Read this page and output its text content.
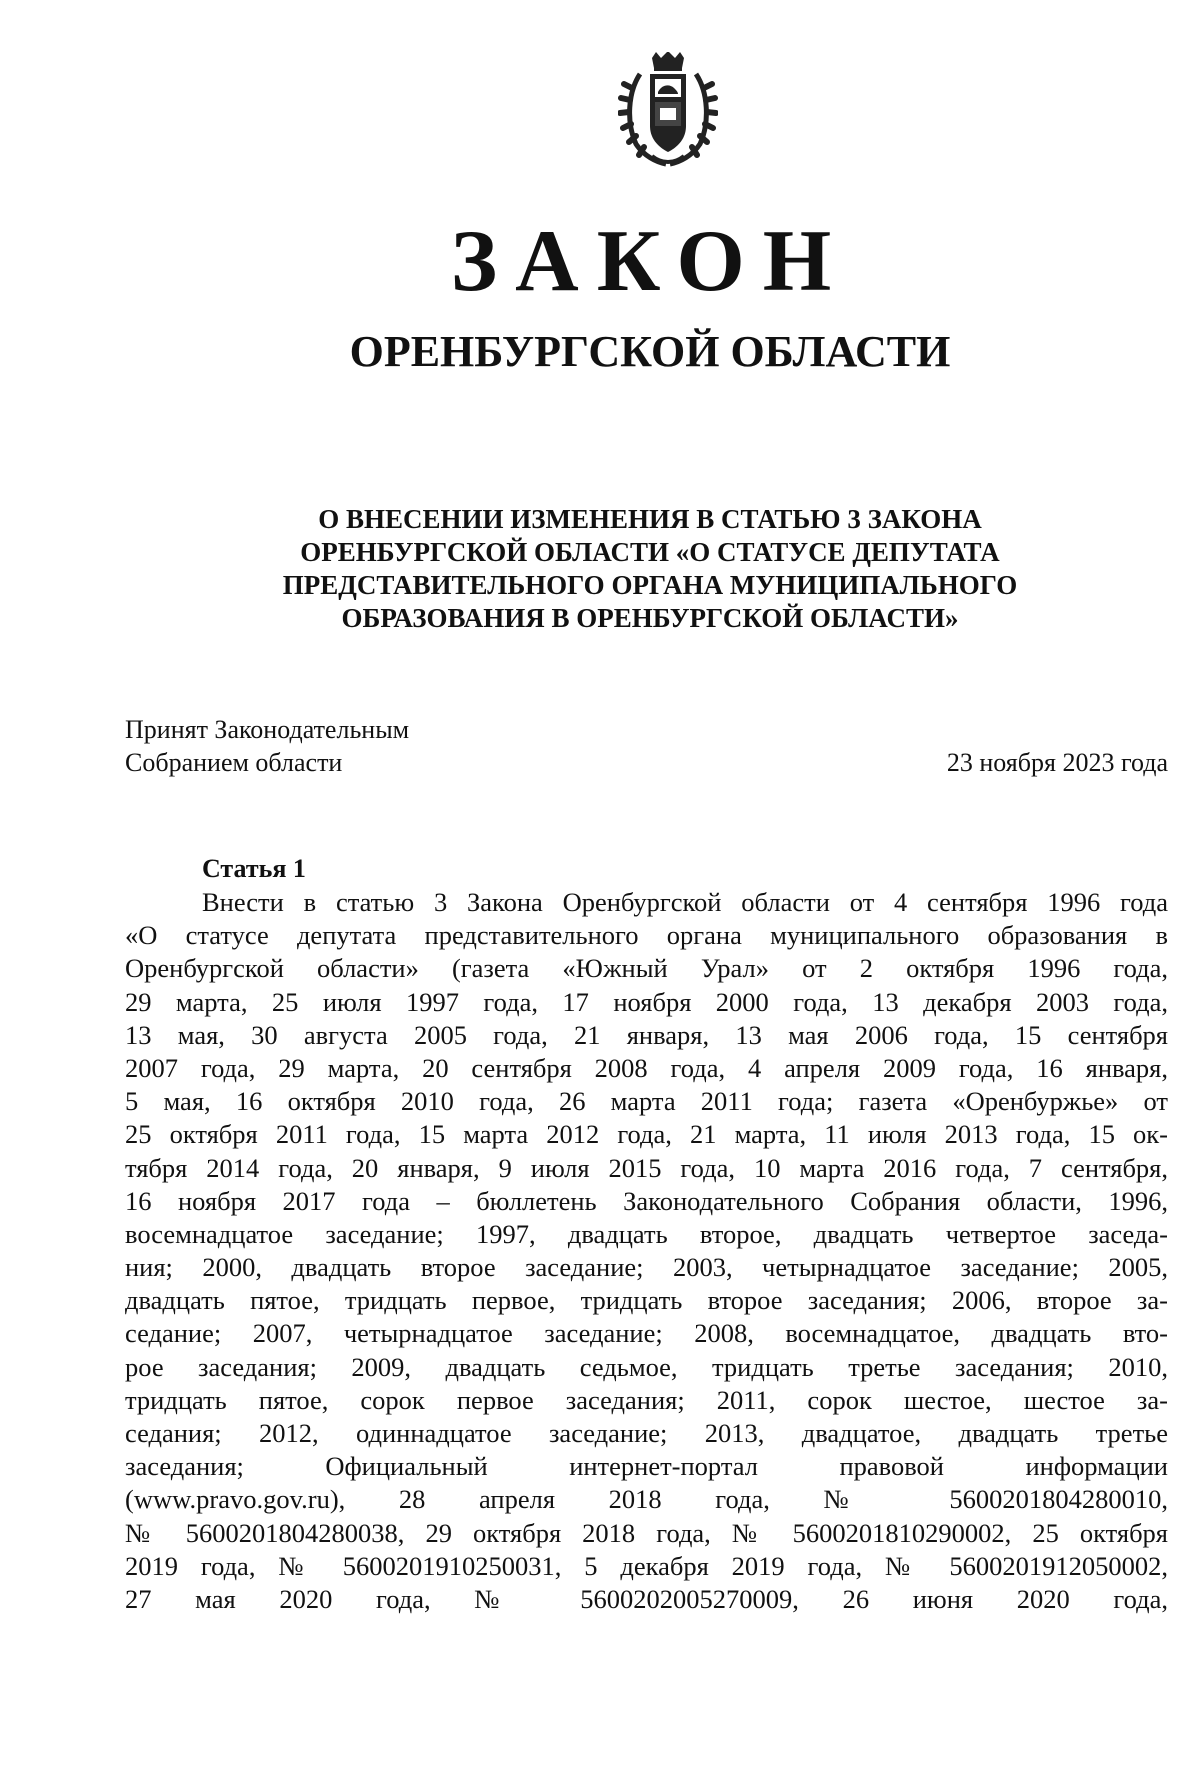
ЗАКОН
ОРЕНБУРГСКОЙ ОБЛАСТИ
О ВНЕСЕНИИ ИЗМЕНЕНИЯ В СТАТЬЮ 3 ЗАКОНА
ОРЕНБУРГСКОЙ ОБЛАСТИ «О СТАТУСЕ ДЕПУТАТА
ПРЕДСТАВИТЕЛЬНОГО ОРГАНА МУНИЦИПАЛЬНОГО
ОБРАЗОВАНИЯ В ОРЕНБУРГСКОЙ ОБЛАСТИ»
Принят Законодательным
Собранием области	23 ноября 2023 года
Статья 1
Внести в статью 3 Закона Оренбургской области от 4 сентября 1996 года
«О статусе депутата представительного органа муниципального образования в
Оренбургской области» (газета «Южный Урал» от 2 октября 1996 года,
29 марта, 25 июля 1997 года, 17 ноября 2000 года, 13 декабря 2003 года,
13 мая, 30 августа 2005 года, 21 января, 13 мая 2006 года, 15 сентября
2007 года, 29 марта, 20 сентября 2008 года, 4 апреля 2009 года, 16 января,
5 мая, 16 октября 2010 года, 26 марта 2011 года; газета «Оренбуржье» от
25 октября 2011 года, 15 марта 2012 года, 21 марта, 11 июля 2013 года, 15 ок-
тября 2014 года, 20 января, 9 июля 2015 года, 10 марта 2016 года, 7 сентября,
16 ноября 2017 года – бюллетень Законодательного Собрания области, 1996,
восемнадцатое заседание; 1997, двадцать второе, двадцать четвертое заседа-
ния; 2000, двадцать второе заседание; 2003, четырнадцатое заседание; 2005,
двадцать пятое, тридцать первое, тридцать второе заседания; 2006, второе за-
седание; 2007, четырнадцатое заседание; 2008, восемнадцатое, двадцать вто-
рое заседания; 2009, двадцать седьмое, тридцать третье заседания; 2010,
тридцать пятое, сорок первое заседания; 2011, сорок шестое, шестое за-
седания; 2012, одиннадцатое заседание; 2013, двадцатое, двадцать третье
заседания; Официальный интернет-портал правовой информации
(www.pravo.gov.ru), 28 апреля 2018 года, № 5600201804280010,
№ 5600201804280038, 29 октября 2018 года, № 5600201810290002, 25 октября
2019 года, № 5600201910250031, 5 декабря 2019 года, № 5600201912050002,
27 мая 2020 года, № 5600202005270009, 26 июня 2020 года,
